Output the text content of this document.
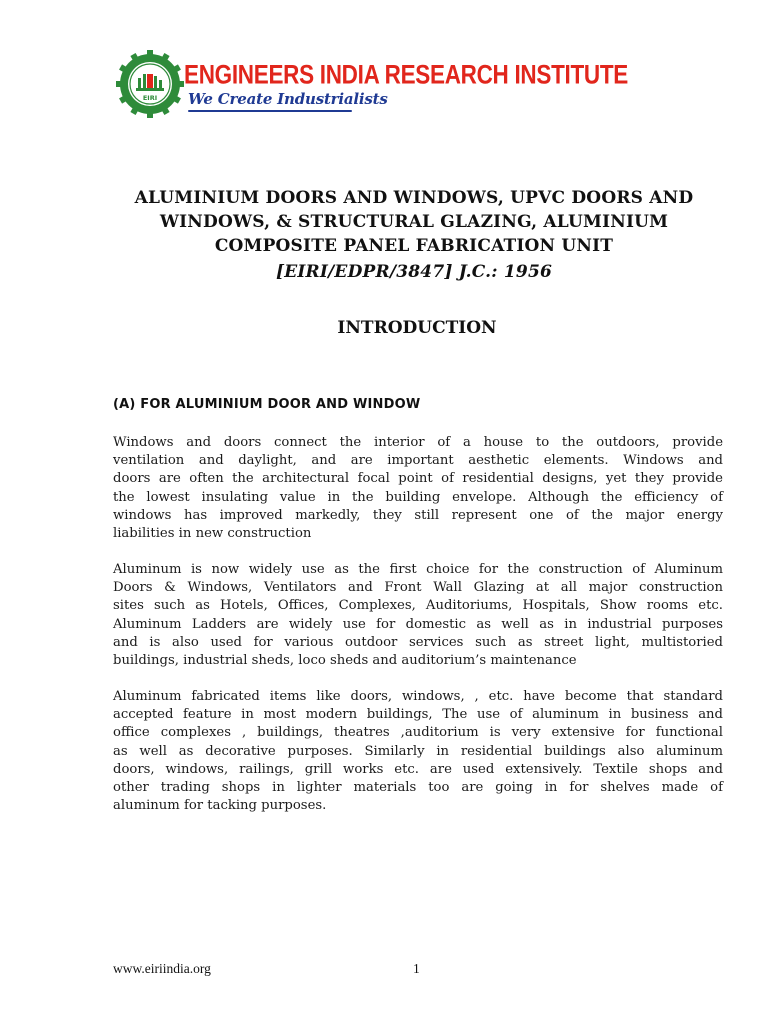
EIRI
ENGINEERS INDIA RESEARCH INSTITUTE
We Create Industrialists
ALUMINIUM DOORS AND WINDOWS, UPVC DOORS AND
WINDOWS, & STRUCTURAL GLAZING, ALUMINIUM
COMPOSITE PANEL FABRICATION UNIT
[EIRI/EDPR/3847] J.C.: 1956
INTRODUCTION
(A) FOR ALUMINIUM DOOR AND WINDOW
Windows and doors connect the interior of a house to the outdoors, provide
ventilation and daylight, and are important aesthetic elements. Windows and
doors are often the architectural focal point of residential designs, yet they provide
the lowest insulating value in the building envelope. Although the efficiency of
windows has improved markedly, they still represent one of the major energy
liabilities in new construction
Aluminum is now widely use as the first choice for the construction of Aluminum
Doors & Windows, Ventilators and Front Wall Glazing at all major construction
sites such as Hotels, Offices, Complexes, Auditoriums, Hospitals, Show rooms etc.
Aluminum Ladders are widely use for domestic as well as in industrial purposes
and is also used for various outdoor services such as street light, multistoried
buildings, industrial sheds, loco sheds and auditorium’s maintenance
Aluminum fabricated items like doors, windows, , etc. have become that standard
accepted feature in most modern buildings, The use of aluminum in business and
office complexes , buildings, theatres ,auditorium is very extensive for functional
as well as decorative purposes. Similarly in residential buildings also aluminum
doors, windows, railings, grill works etc. are used extensively. Textile shops and
other trading shops in lighter materials too are going in for shelves made of
aluminum for tacking purposes.
www.eiriindia.org	1
